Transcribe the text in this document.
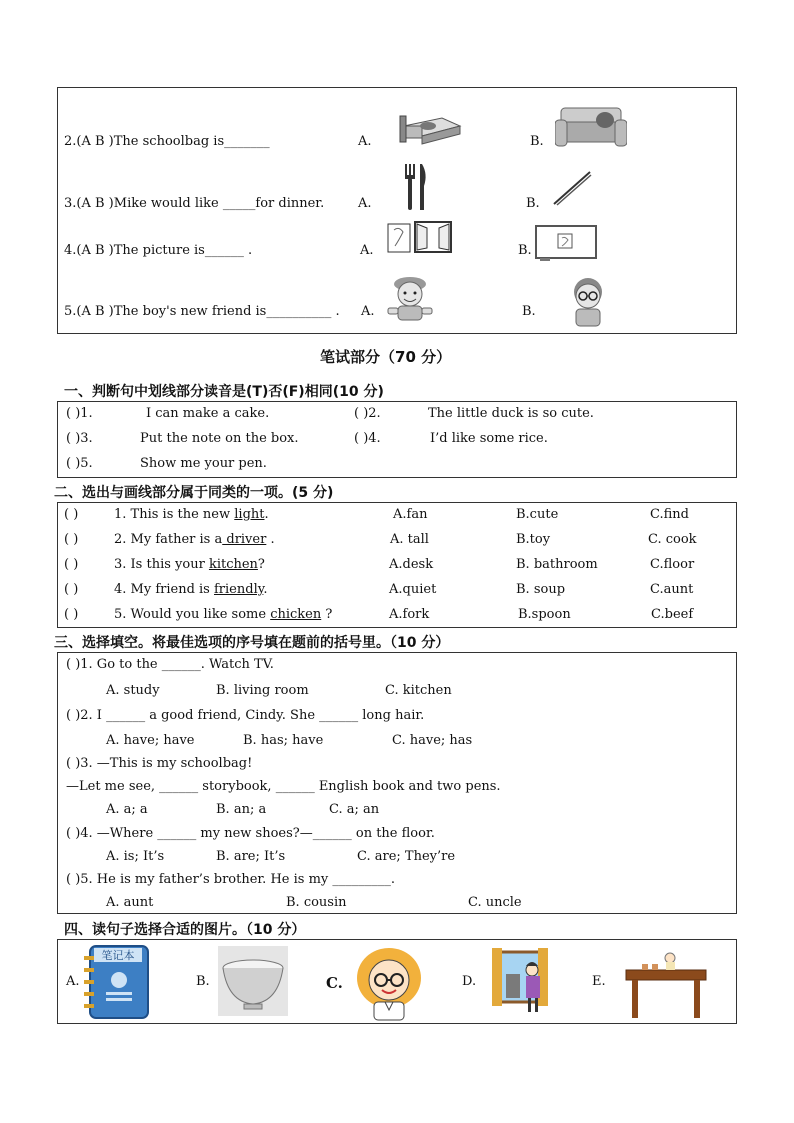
2.(A B )The schoolbag is_______	A.	B.
3.(A B )Mike would like _____for dinner.	A.	B.
4.(A B )The picture is______ .	A.	B.
5.(A B )The boy's new friend is__________ . A.	B.
笔试部分（70 分）
一、判断句中划线部分读音是(T)否(F)相同(10 分)
( )1.	I can make a cake.	( )2.	The little duck is so cute.
( )3.	Put the note on the box.	( )4.	I’d like some rice.
( )5.	Show me your pen.
二、选出与画线部分属于同类的一项。(5 分)
( )	1. This is the new light.	A.fan	B.cute	C.find
( )	2. My father is a driver .	A. tall	B.toy	C. cook
( )	3. Is this your kitchen?	A.desk	B. bathroom	C.floor
( )	4. My friend is friendly.	A.quiet	B. soup	C.aunt
( )	5. Would you like some chicken ?	A.fork	B.spoon	C.beef
三、选择填空。将最佳选项的序号填在题前的括号里。（10 分）
( )1. Go to the ______. Watch TV.
A. study	B. living room	C. kitchen
( )2. I ______ a good friend, Cindy. She ______ long hair.
A. have; have	B. has; have	C. have; has
( )3. —This is my schoolbag!
—Let me see, ______ storybook, ______ English book and two pens.
A. a; a	B. an; a	C. a; an
( )4. —Where ______ my new shoes?—______ on the floor.
A. is; It’s	B. are; It’s	C. are; They’re
( )5. He is my father’s brother. He is my _________.
A. aunt	B. cousin	C. uncle
四、读句子选择合适的图片。（10 分）
A.
笔记本
B.	C.	D.	E.
